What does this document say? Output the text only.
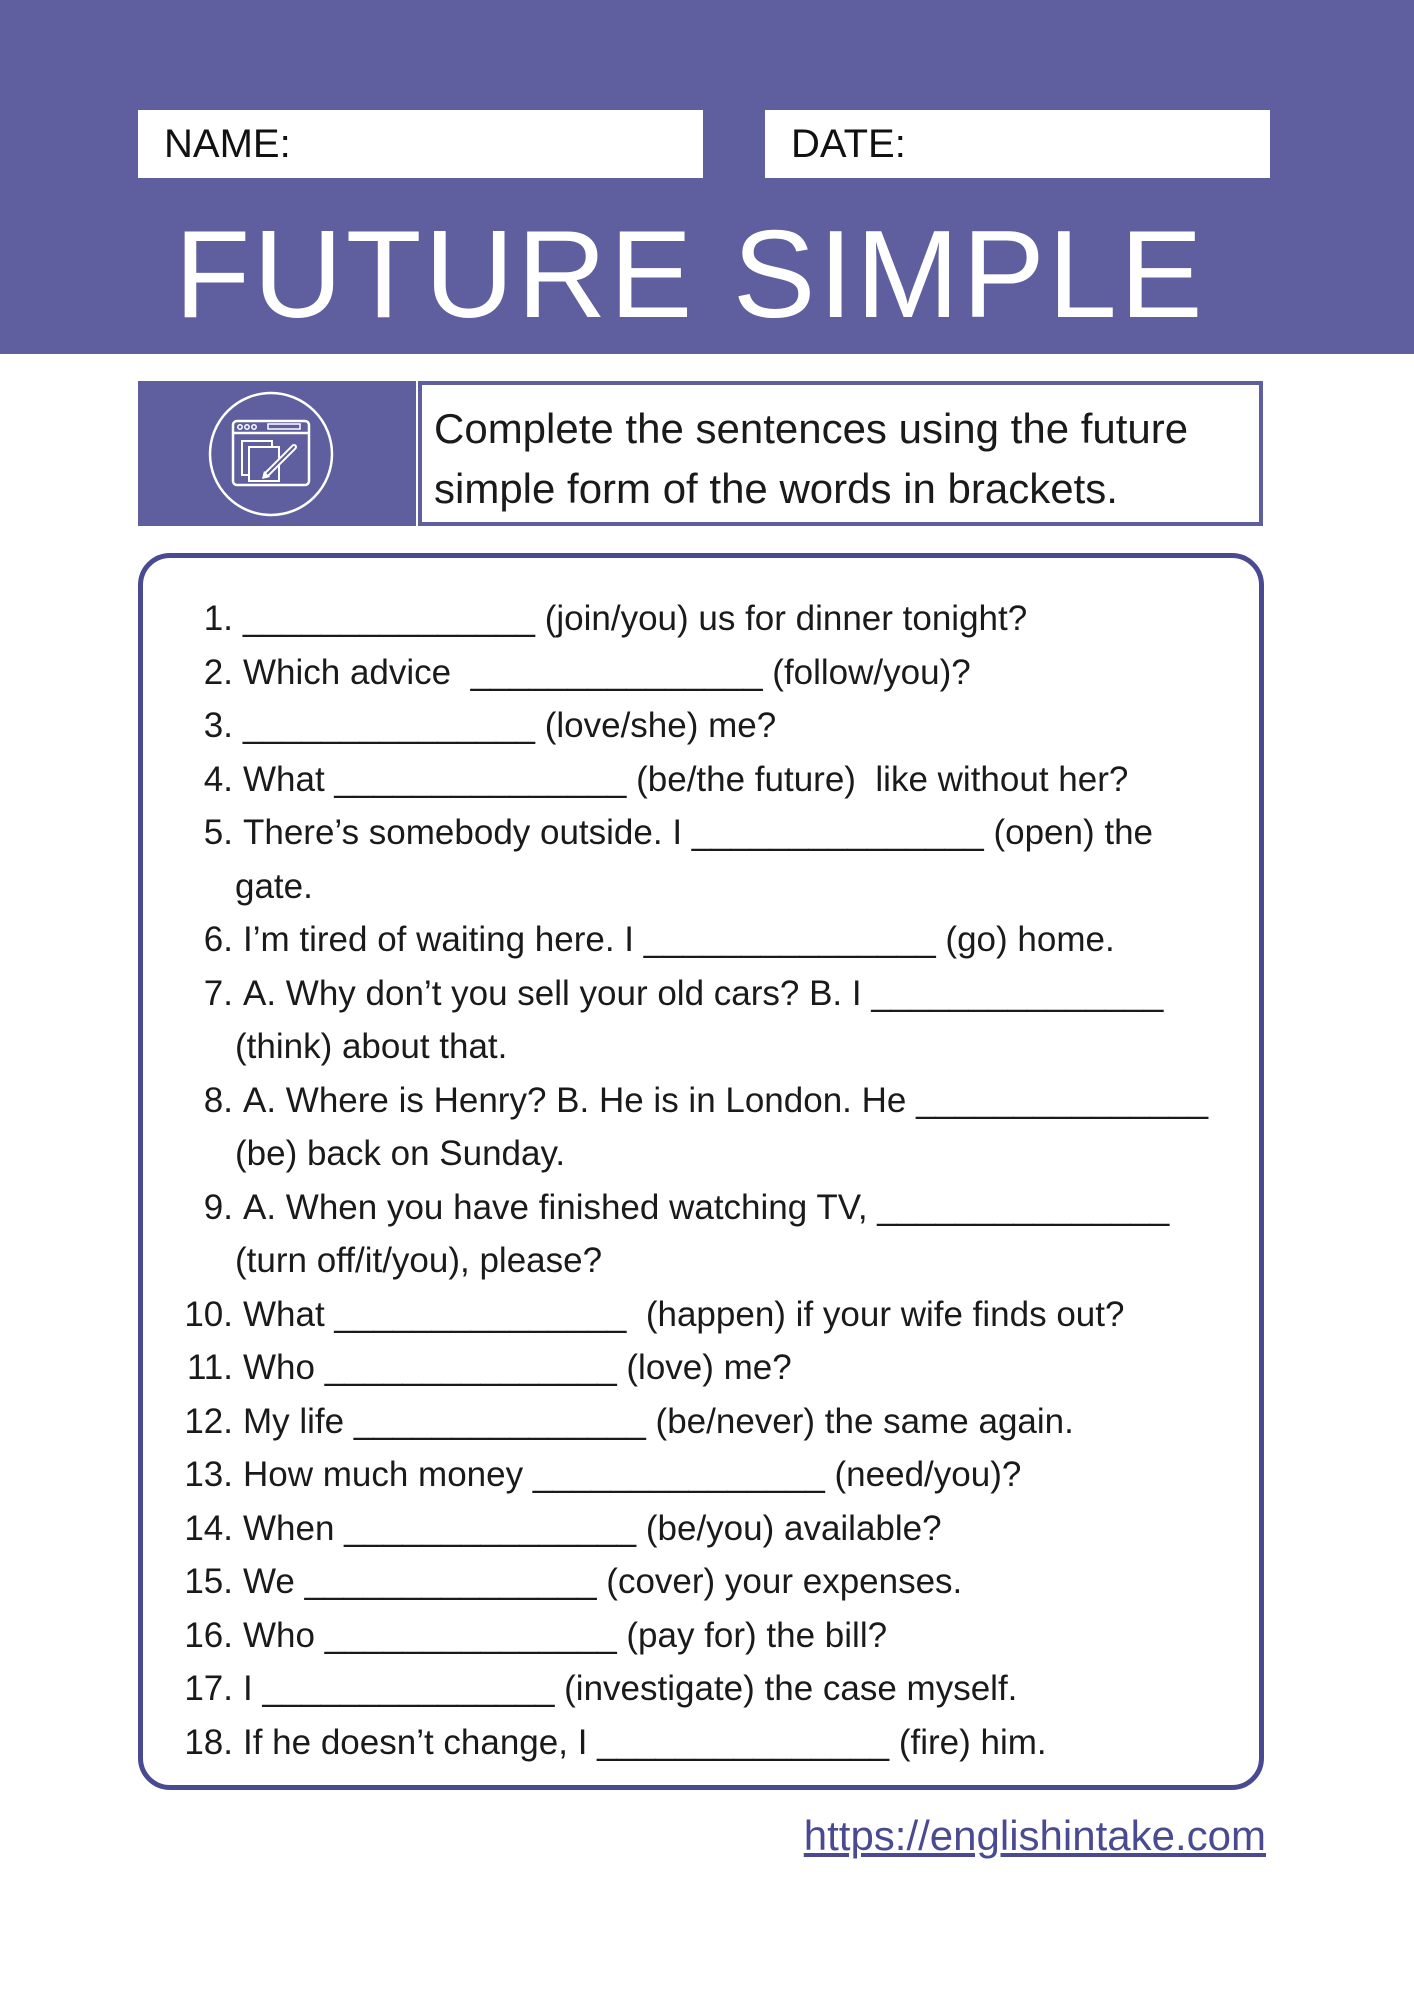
NAME:	DATE:
FUTURE SIMPLE
Complete the sentences using the future
simple form of the words in brackets.
1. _______________ (join/you) us for dinner tonight?
2. Which advice  _______________ (follow/you)?
3. _______________ (love/she) me?
4. What _______________ (be/the future)  like without her?
5. There’s somebody outside. I _______________ (open) the
gate.
6. I’m tired of waiting here. I _______________ (go) home.
7. A. Why don’t you sell your old cars? B. I _______________
(think) about that.
8. A. Where is Henry? B. He is in London. He _______________
(be) back on Sunday.
9. A. When you have finished watching TV, _______________
(turn off/it/you), please?
10. What _______________  (happen) if your wife finds out?
11. Who _______________ (love) me?
12. My life _______________ (be/never) the same again.
13. How much money _______________ (need/you)?
14. When _______________ (be/you) available?
15. We _______________ (cover) your expenses.
16. Who _______________ (pay for) the bill?
17. I _______________ (investigate) the case myself.
18. If he doesn’t change, I _______________ (fire) him.
https://englishintake.com
